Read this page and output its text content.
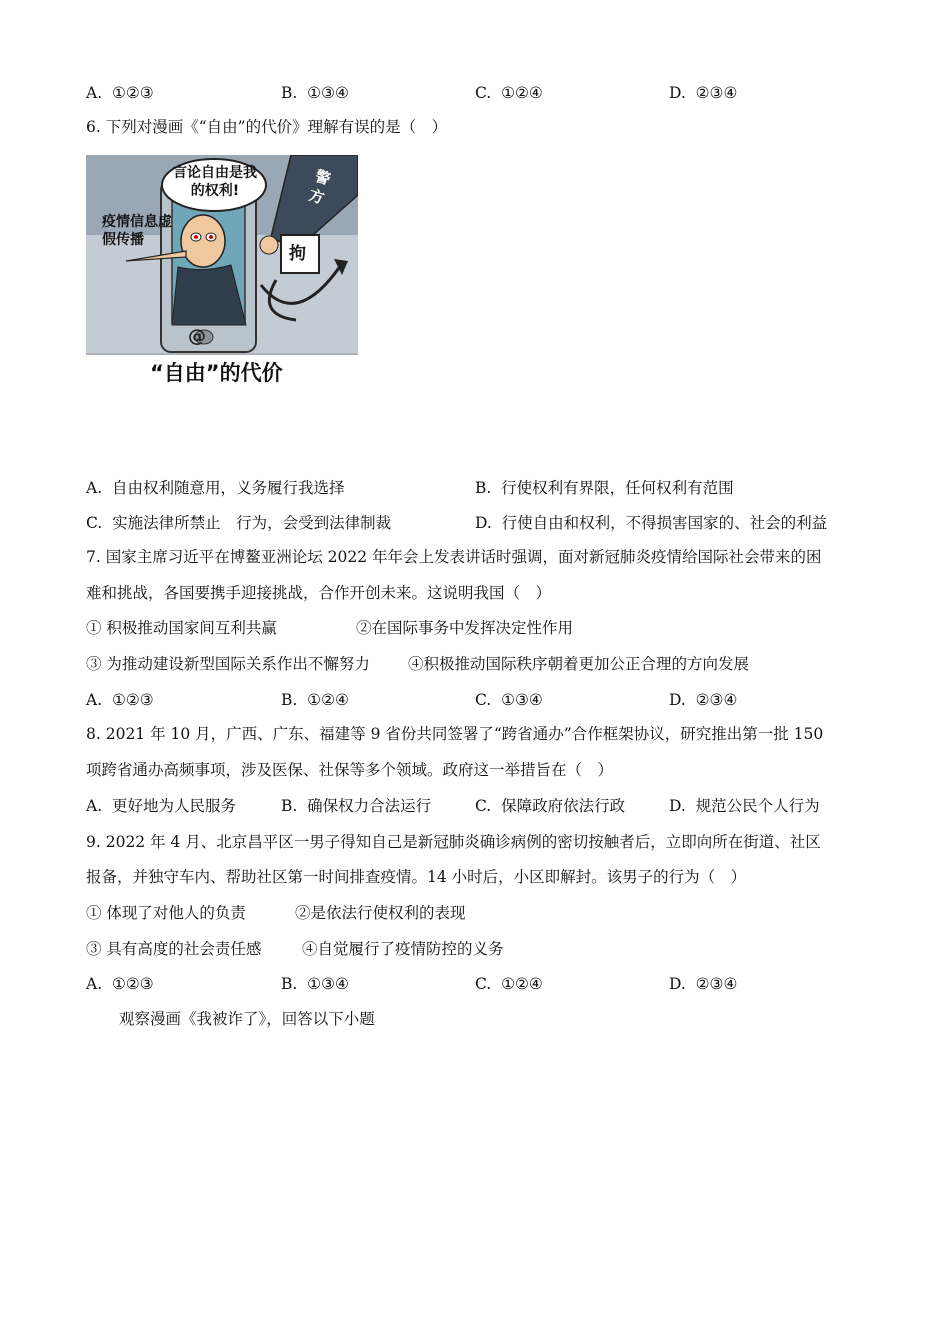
A.  ①②③	B.  ①③④	C.  ①②④	D.  ②③④
6. 下列对漫画《“自由”的代价》理解有误的是（　）
言论自由是我的权利!
疫情信息虚假传播
警方
拘
@
“自由”的代价
A.  自由权利随意用，义务履行我选择	B.  行使权利有界限，任何权利有范围
C.  实施法律所禁止　行为，会受到法律制裁	D.  行使自由和权利，不得损害国家的、社会的利益
7. 国家主席习近平在博鳌亚洲论坛 2022 年年会上发表讲话时强调，面对新冠肺炎疫情给国际社会带来的困
难和挑战，各国要携手迎接挑战，合作开创未来。这说明我国（　）
① 积极推动国家间互利共赢	②在国际事务中发挥决定性作用
③ 为推动建设新型国际关系作出不懈努力 ④积极推动国际秩序朝着更加公正合理的方向发展
A.  ①②③	B.  ①②④	C.  ①③④	D.  ②③④
8. 2021 年 10 月，广西、广东、福建等 9 省份共同签署了“跨省通办”合作框架协议，研究推出第一批 150
项跨省通办高频事项，涉及医保、社保等多个领域。政府这一举措旨在（　）
A.  更好地为人民服务	B.  确保权力合法运行	C.  保障政府依法行政	D.  规范公民个人行为
9. 2022 年 4 月、北京昌平区一男子得知自己是新冠肺炎确诊病例的密切按触者后，立即向所在街道、社区
报备，并独守车内、帮助社区第一时间排查疫情。14 小时后，小区即解封。该男子的行为（　）
① 体现了对他人的负责	②是依法行使权利的表现
③ 具有高度的社会责任感	④自觉履行了疫情防控的义务
A.  ①②③	B.  ①③④	C.  ①②④	D.  ②③④
观察漫画《我被诈了》，回答以下小题
